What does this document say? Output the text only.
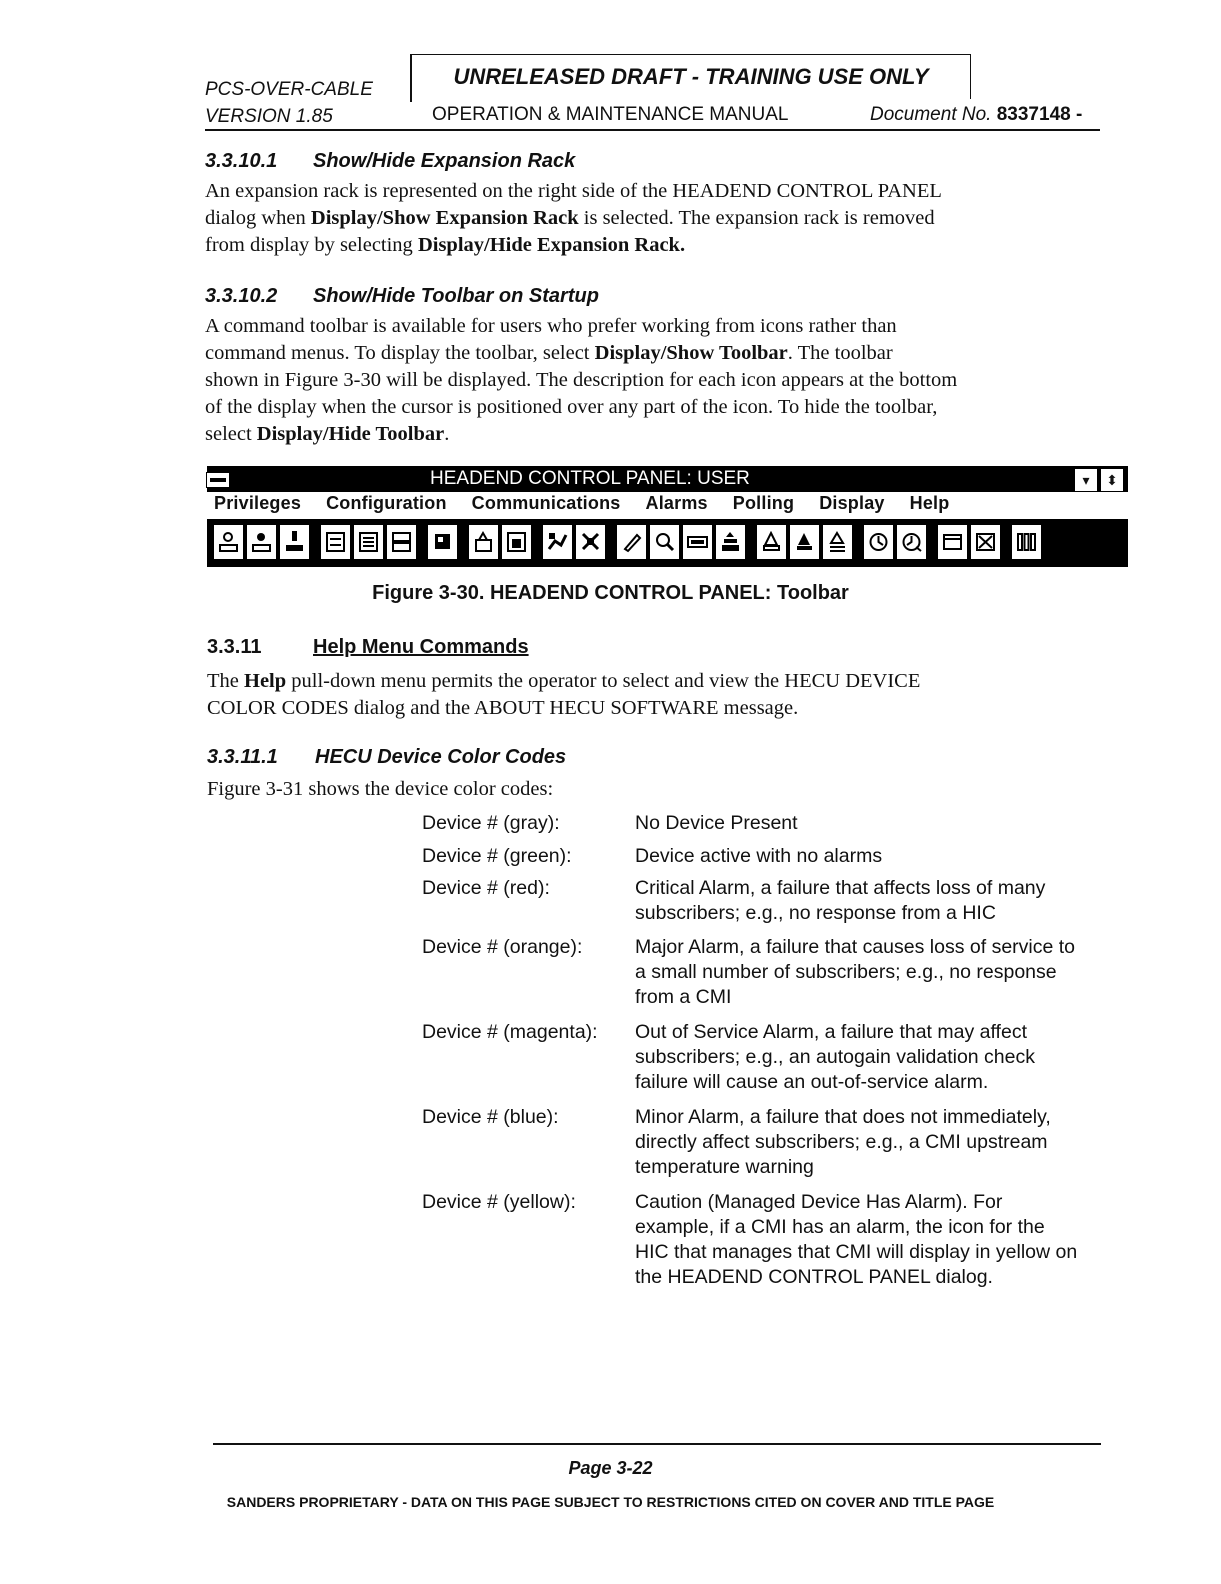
PCS-OVER-CABLE
VERSION 1.85
UNRELEASED DRAFT - TRAINING USE ONLY
OPERATION & MAINTENANCE MANUAL	Document No. 8337148 -
3.3.10.1 Show/Hide Expansion Rack
An expansion rack is represented on the right side of the HEADEND CONTROL PANEL
dialog when Display/Show Expansion Rack is selected. The expansion rack is removed
from display by selecting Display/Hide Expansion Rack.
3.3.10.2 Show/Hide Toolbar on Startup
A command toolbar is available for users who prefer working from icons rather than
command menus. To display the toolbar, select Display/Show Toolbar. The toolbar
shown in Figure 3-30 will be displayed. The description for each icon appears at the bottom
of the display when the cursor is positioned over any part of the icon. To hide the toolbar,
select Display/Hide Toolbar.
HEADEND CONTROL PANEL: USER	▾	⬍
Privileges Configuration Communications Alarms Polling Display Help
Figure 3-30. HEADEND CONTROL PANEL: Toolbar
3.3.11	Help Menu Commands
The Help pull-down menu permits the operator to select and view the HECU DEVICE
COLOR CODES dialog and the ABOUT HECU SOFTWARE message.
3.3.11.1 HECU Device Color Codes
Figure 3-31 shows the device color codes:
Device # (gray):	No Device Present
Device # (green):	Device active with no alarms
Device # (red):	Critical Alarm, a failure that affects loss of many
subscribers; e.g., no response from a HIC
Device # (orange):	Major Alarm, a failure that causes loss of service to
a small number of subscribers; e.g., no response
from a CMI
Device # (magenta): Out of Service Alarm, a failure that may affect
subscribers; e.g., an autogain validation check
failure will cause an out-of-service alarm.
Device # (blue):	Minor Alarm, a failure that does not immediately,
directly affect subscribers; e.g., a CMI upstream
temperature warning
Device # (yellow):	Caution (Managed Device Has Alarm). For
example, if a CMI has an alarm, the icon for the
HIC that manages that CMI will display in yellow on
the HEADEND CONTROL PANEL dialog.
Page 3-22
SANDERS PROPRIETARY - DATA ON THIS PAGE SUBJECT TO RESTRICTIONS CITED ON COVER AND TITLE PAGE
